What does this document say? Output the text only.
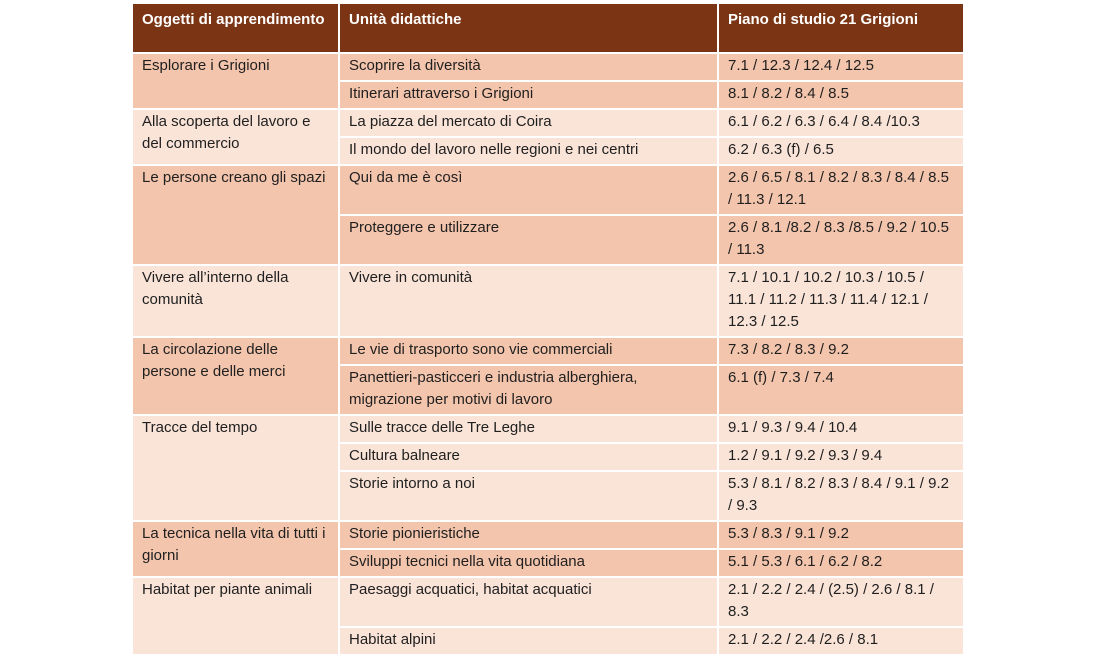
Oggetti di apprendimento	Unità didattiche	Piano di studio 21 Grigioni
Esplorare i Grigioni	Scoprire la diversità	7.1 / 12.3 / 12.4 / 12.5
	Itinerari attraverso i Grigioni	8.1 / 8.2 / 8.4 / 8.5
Alla scoperta del lavoro e del commercio	La piazza del mercato di Coira	6.1 / 6.2 / 6.3 / 6.4 / 8.4 /10.3
	Il mondo del lavoro nelle regioni e nei centri	6.2 / 6.3 (f) / 6.5
Le persone creano gli spazi	Qui da me è così	2.6 / 6.5 / 8.1 / 8.2 / 8.3 / 8.4 / 8.5 / 11.3 / 12.1
	Proteggere e utilizzare	2.6 / 8.1 /8.2 / 8.3 /8.5 / 9.2 / 10.5 / 11.3
Vivere all’interno della comunità	Vivere in comunità	7.1 / 10.1 / 10.2 / 10.3 / 10.5 / 11.1 / 11.2 / 11.3 / 11.4 / 12.1 / 12.3 / 12.5
La circolazione delle persone e delle merci	Le vie di trasporto sono vie commerciali	7.3 / 8.2 / 8.3 / 9.2
	Panettieri-pasticceri e industria alberghiera, migrazione per motivi di lavoro	6.1 (f) / 7.3 / 7.4
Tracce del tempo	Sulle tracce delle Tre Leghe	9.1 / 9.3 / 9.4 / 10.4
	Cultura balneare	1.2 / 9.1 / 9.2 / 9.3 / 9.4
	Storie intorno a noi	5.3 / 8.1 / 8.2 / 8.3 / 8.4 / 9.1 / 9.2 / 9.3
La tecnica nella vita di tutti i giorni	Storie pionieristiche	5.3 / 8.3 / 9.1 / 9.2
	Sviluppi tecnici nella vita quotidiana	5.1 / 5.3 / 6.1 / 6.2 / 8.2
Habitat per piante animali	Paesaggi acquatici, habitat acquatici	2.1 / 2.2 / 2.4 / (2.5) / 2.6 / 8.1 / 8.3
	Habitat alpini	2.1 / 2.2 / 2.4 /2.6 / 8.1
